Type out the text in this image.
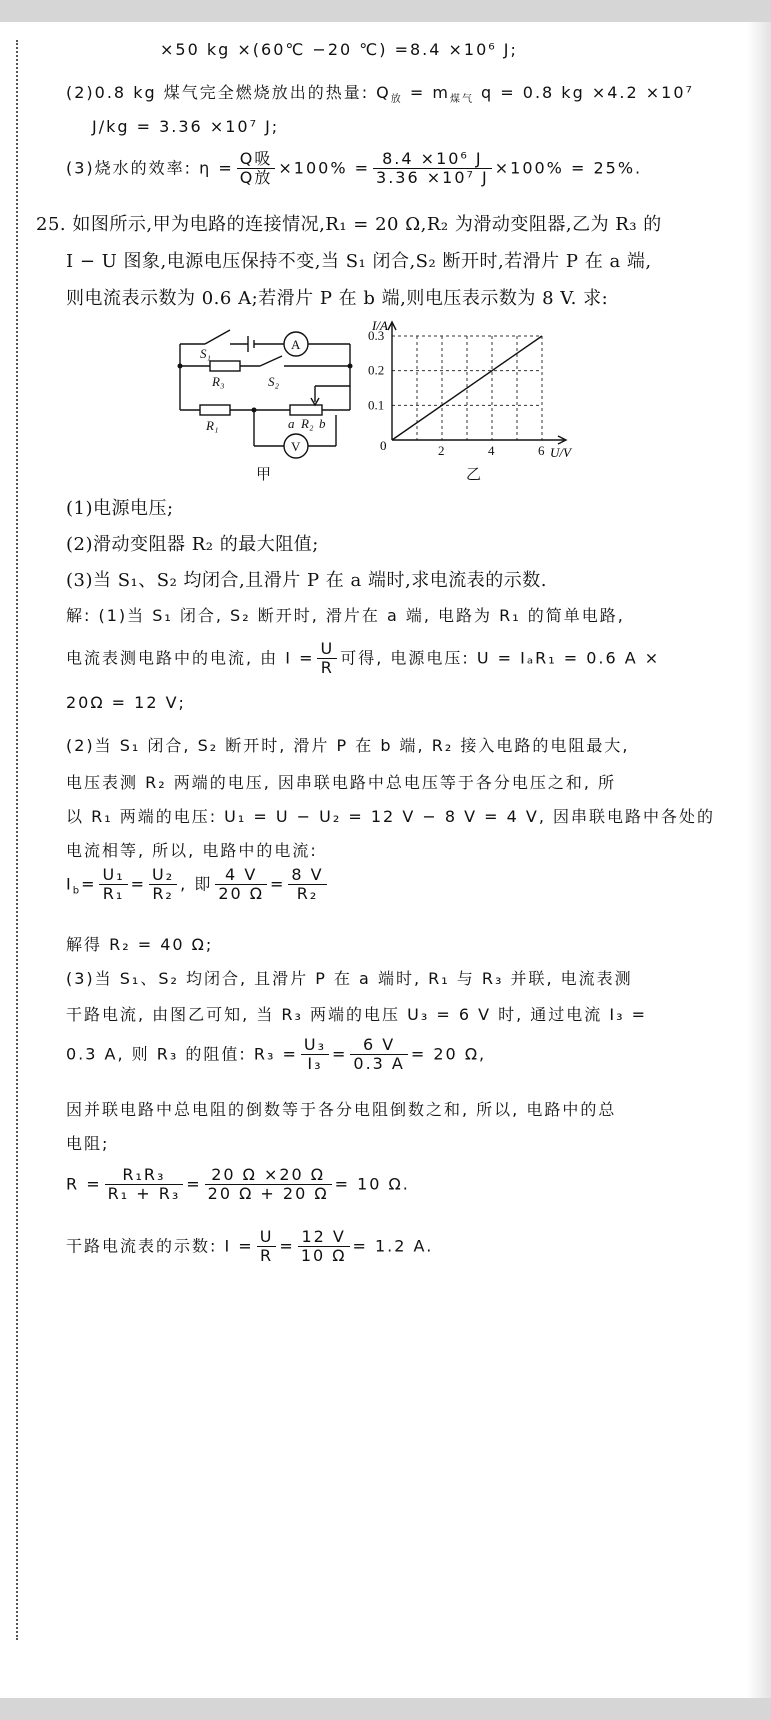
×50 kg ×(60℃ −20 ℃) =8.4 ×10⁶ J;
(2)0.8 kg 煤气完全燃烧放出的热量: $Q_放 = m_{煤气}$ q = 0.8 kg ×4.2 ×10⁷
J/kg = 3.36 ×10⁷ J;
(3)烧水的效率: $\eta = \frac{\text{Q吸}}{\text{Q放}} \times 100\% = \frac{\text{8.4 ×10⁶ J}}{\text{3.36 ×10⁷ J}} \times 100\% = 25\%$.
25. 如图所示,甲为电路的连接情况,R₁ = 20 Ω,R₂ 为滑动变阻器,乙为 R₃ 的
I − U 图象,电源电压保持不变,当 S₁ 闭合,S₂ 断开时,若滑片 P 在 a 端,
则电流表示数为 0.6 A;若滑片 P 在 b 端,则电压表示数为 8 V. 求:
S₁
R₃	S₂
R₁	a R₂ b
A
V
甲	乙
2	4	6
0.1
0.2
0.3
I/A
U/V
0
(1)电源电压;
(2)滑动变阻器 R₂ 的最大阻值;
(3)当 S₁、S₂ 均闭合,且滑片 P 在 a 端时,求电流表的示数.
解: (1)当 S₁ 闭合, S₂ 断开时, 滑片在 a 端, 电路为 R₁ 的简单电路,
电流表测电路中的电流, 由 $I = \frac{U}{R}$ 可得, 电源电压: U = IₐR₁ = 0.6 A ×
20Ω = 12 V;
(2)当 S₁ 闭合, S₂ 断开时, 滑片 P 在 b 端, R₂ 接入电路的电阻最大,
电压表测 R₂ 两端的电压, 因串联电路中总电压等于各分电压之和, 所
以 R₁ 两端的电压: U₁ = U − U₂ = 12 V − 8 V = 4 V, 因串联电路中各处的
电流相等, 所以, 电路中的电流:
$I_b= \frac{\text{U₁}}{\text{R₁}} = \frac{\text{U₂}}{\text{R₂}}$ , 即 $\frac{4 V}{20 \Omega} = \frac{8 V}{\text{R₂}}$
解得 R₂ = 40 Ω;
(3)当 S₁、S₂ 均闭合, 且滑片 P 在 a 端时, R₁ 与 R₃ 并联, 电流表测
干路电流, 由图乙可知, 当 R₃ 两端的电压 U₃ = 6 V 时, 通过电流 I₃ =
0.3 A, 则 R₃ 的阻值: $R_3 = \frac{\text{U₃}}{\text{I₃}} = \frac{6 V}{0.3 A} = 20$ Ω,
因并联电路中总电阻的倒数等于各分电阻倒数之和, 所以, 电路中的总
电阻;
$R = \frac{\text{R₁R₃}}{\text{R₁ + R₃}} = \frac{20 \Omega \times 20 \Omega}{20 \Omega + 20 \Omega} = 10$ Ω.
干路电流表的示数: $I = \frac{U}{R} = \frac{12 V}{10 \Omega} = 1.2$ A.
